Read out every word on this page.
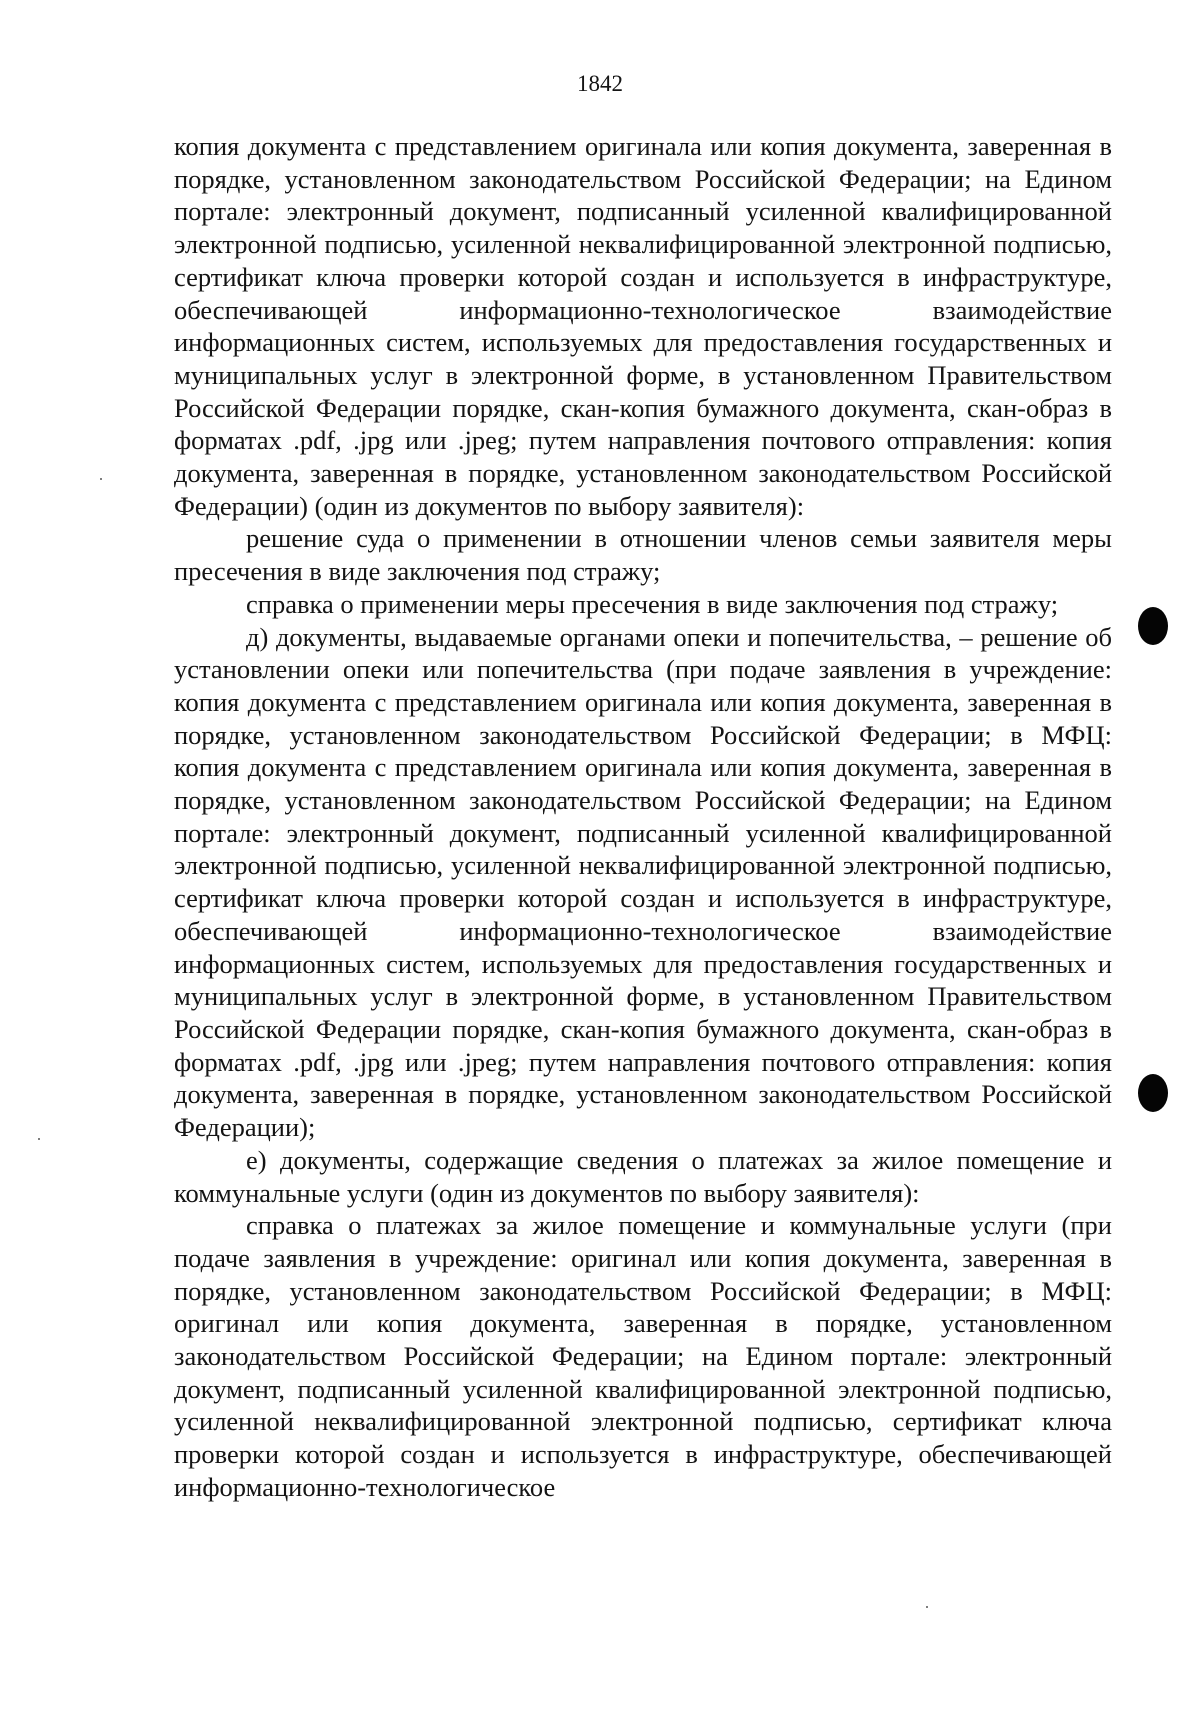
1842

копия документа с представлением оригинала или копия документа, заверенная в порядке, установленном законодательством Российской Федерации; на Едином портале: электронный документ, подписанный усиленной квалифицированной электронной подписью, усиленной неквалифицированной электронной подписью, сертификат ключа проверки которой создан и используется в инфраструктуре, обеспечивающей информационно-технологическое взаимодействие информационных систем, используемых для предоставления государственных и муниципальных услуг в электронной форме, в установленном Правительством Российской Федерации порядке, скан-копия бумажного документа, скан-образ в форматах .pdf, .jpg или .jpeg; путем направления почтового отправления: копия документа, заверенная в порядке, установленном законодательством Российской Федерации) (один из документов по выбору заявителя):

решение суда о применении в отношении членов семьи заявителя меры пресечения в виде заключения под стражу;

справка о применении меры пресечения в виде заключения под стражу;

д) документы, выдаваемые органами опеки и попечительства, – решение об установлении опеки или попечительства (при подаче заявления в учреждение: копия документа с представлением оригинала или копия документа, заверенная в порядке, установленном законодательством Российской Федерации; в МФЦ: копия документа с представлением оригинала или копия документа, заверенная в порядке, установленном законодательством Российской Федерации; на Едином портале: электронный документ, подписанный усиленной квалифицированной электронной подписью, усиленной неквалифицированной электронной подписью, сертификат ключа проверки которой создан и используется в инфраструктуре, обеспечивающей информационно-технологическое взаимодействие информационных систем, используемых для предоставления государственных и муниципальных услуг в электронной форме, в установленном Правительством Российской Федерации порядке, скан-копия бумажного документа, скан-образ в форматах .pdf, .jpg или .jpeg; путем направления почтового отправления: копия документа, заверенная в порядке, установленном законодательством Российской Федерации);

е) документы, содержащие сведения о платежах за жилое помещение и коммунальные услуги (один из документов по выбору заявителя):

справка о платежах за жилое помещение и коммунальные услуги (при подаче заявления в учреждение: оригинал или копия документа, заверенная в порядке, установленном законодательством Российской Федерации; в МФЦ: оригинал или копия документа, заверенная в порядке, установленном законодательством Российской Федерации; на Едином портале: электронный документ, подписанный усиленной квалифицированной электронной подписью, усиленной неквалифицированной электронной подписью, сертификат ключа проверки которой создан и используется в инфраструктуре, обеспечивающей информационно-технологическое
